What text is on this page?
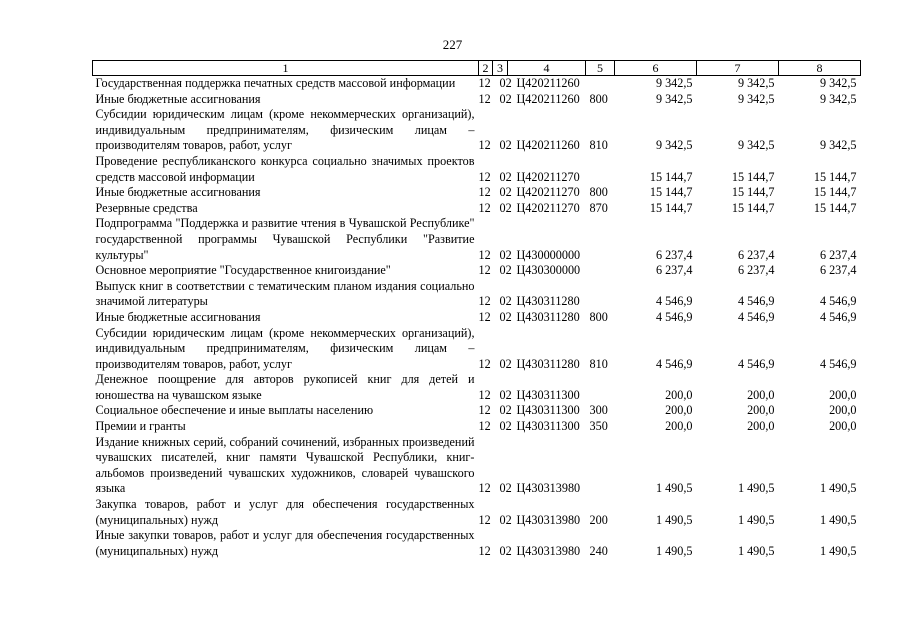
227
1	2	3	4	5	6	7	8
Государственная поддержка печатных средств массовой информации	12	02	Ц420211260		9 342,5	9 342,5	9 342,5
Иные бюджетные ассигнования	12	02	Ц420211260	800	9 342,5	9 342,5	9 342,5
Субсидии юридическим лицам (кроме некоммерческих организаций), индивидуальным предпринимателям, физическим лицам – производителям товаров, работ, услуг	12	02	Ц420211260	810	9 342,5	9 342,5	9 342,5
Проведение республиканского конкурса социально значимых проектов средств массовой информации	12	02	Ц420211270		15 144,7	15 144,7	15 144,7
Иные бюджетные ассигнования	12	02	Ц420211270	800	15 144,7	15 144,7	15 144,7
Резервные средства	12	02	Ц420211270	870	15 144,7	15 144,7	15 144,7
Подпрограмма "Поддержка и развитие чтения в Чувашской Республике" государственной программы Чувашской Республики "Развитие культуры"	12	02	Ц430000000		6 237,4	6 237,4	6 237,4
Основное мероприятие "Государственное книгоиздание"	12	02	Ц430300000		6 237,4	6 237,4	6 237,4
Выпуск книг в соответствии с тематическим планом издания социально значимой литературы	12	02	Ц430311280		4 546,9	4 546,9	4 546,9
Иные бюджетные ассигнования	12	02	Ц430311280	800	4 546,9	4 546,9	4 546,9
Субсидии юридическим лицам (кроме некоммерческих организаций), индивидуальным предпринимателям, физическим лицам – производителям товаров, работ, услуг	12	02	Ц430311280	810	4 546,9	4 546,9	4 546,9
Денежное поощрение для авторов рукописей книг для детей и юношества на чувашском языке	12	02	Ц430311300		200,0	200,0	200,0
Социальное обеспечение и иные выплаты населению	12	02	Ц430311300	300	200,0	200,0	200,0
Премии и гранты	12	02	Ц430311300	350	200,0	200,0	200,0
Издание книжных серий, собраний сочинений, избранных произведений чувашских писателей, книг памяти Чувашской Республики, книг-альбомов произведений чувашских художников, словарей чувашского языка	12	02	Ц430313980		1 490,5	1 490,5	1 490,5
Закупка товаров, работ и услуг для обеспечения государственных (муниципальных) нужд	12	02	Ц430313980	200	1 490,5	1 490,5	1 490,5
Иные закупки товаров, работ и услуг для обеспечения государственных (муниципальных) нужд	12	02	Ц430313980	240	1 490,5	1 490,5	1 490,5
